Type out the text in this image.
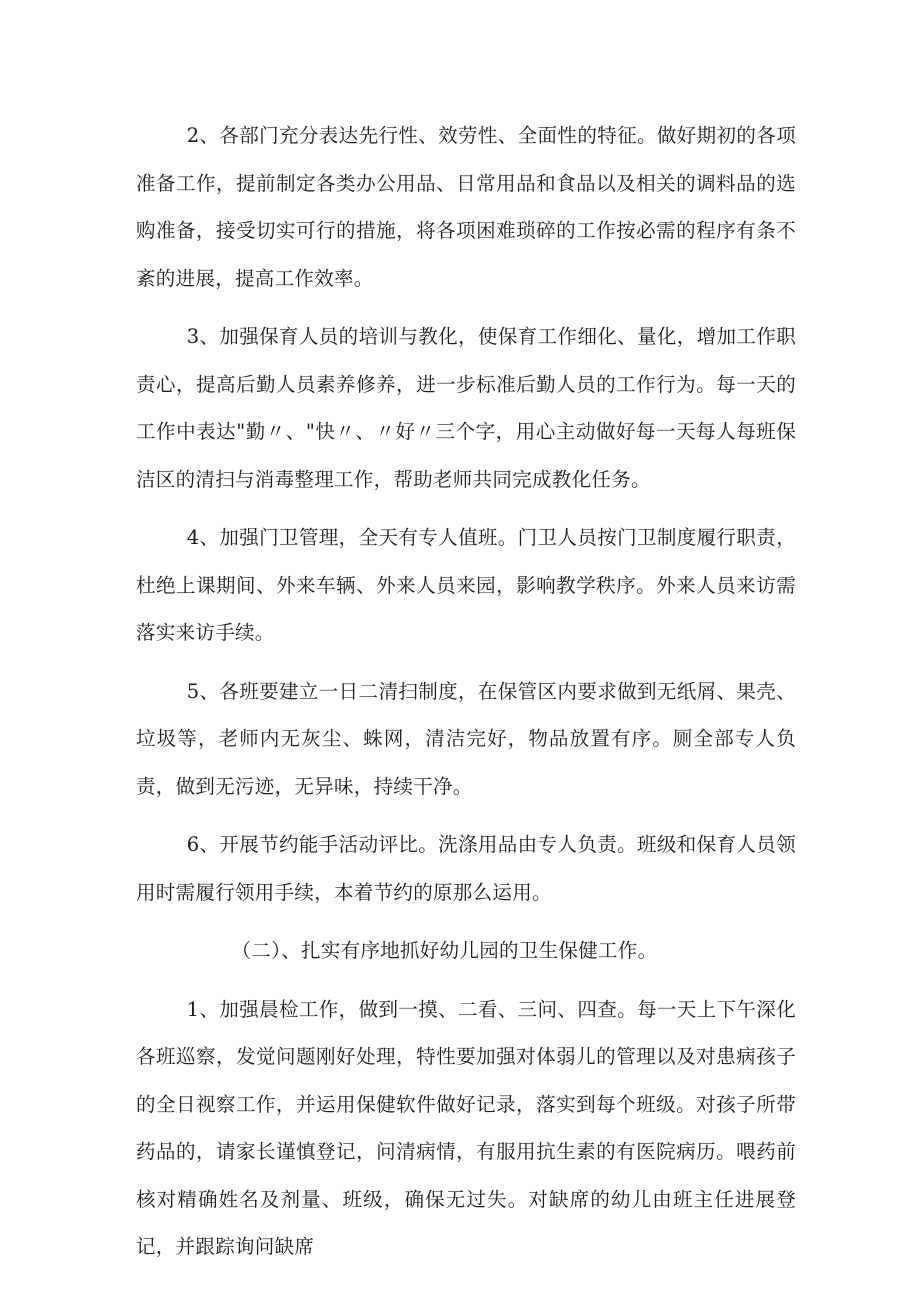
2、各部门充分表达先行性、效劳性、全面性的特征。做好期初的各项准备工作，提前制定各类办公用品、日常用品和食品以及相关的调料品的选购准备，接受切实可行的措施，将各项困难琐碎的工作按必需的程序有条不紊的进展，提高工作效率。

3、加强保育人员的培训与教化，使保育工作细化、量化，增加工作职责心，提高后勤人员素养修养，进一步标准后勤人员的工作行为。每一天的工作中表达"勤〃、"快〃、〃好〃三个字，用心主动做好每一天每人每班保洁区的清扫与消毒整理工作，帮助老师共同完成教化任务。

4、加强门卫管理，全天有专人值班。门卫人员按门卫制度履行职责，杜绝上课期间、外来车辆、外来人员来园，影响教学秩序。外来人员来访需落实来访手续。

5、各班要建立一日二清扫制度，在保管区内要求做到无纸屑、果壳、垃圾等，老师内无灰尘、蛛网，清洁完好，物品放置有序。厕全部专人负责，做到无污迹，无异味，持续干净。

6、开展节约能手活动评比。洗涤用品由专人负责。班级和保育人员领用时需履行领用手续，本着节约的原那么运用。

（二）、扎实有序地抓好幼儿园的卫生保健工作。

1、加强晨检工作，做到一摸、二看、三问、四查。每一天上下午深化各班巡察，发觉问题刚好处理，特性要加强对体弱儿的管理以及对患病孩子的全日视察工作，并运用保健软件做好记录，落实到每个班级。对孩子所带药品的，请家长谨慎登记，问清病情，有服用抗生素的有医院病历。喂药前核对精确姓名及剂量、班级，确保无过失。对缺席的幼儿由班主任进展登记，并跟踪询问缺席
